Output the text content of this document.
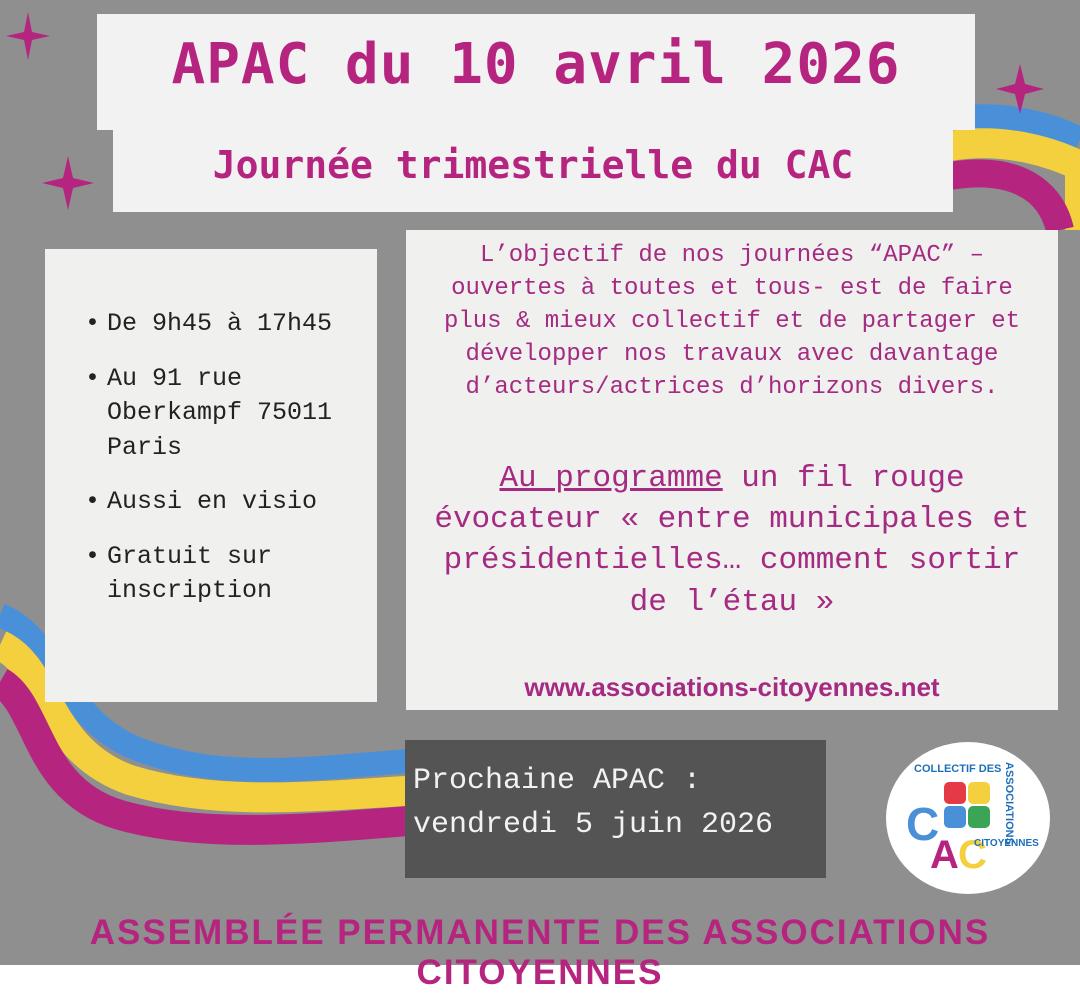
APAC du 10 avril 2026
Journée trimestrielle du CAC
• De 9h45 à 17h45
• Au 91 rue Oberkampf 75011 Paris
• Aussi en visio
• Gratuit sur inscription
L’objectif de nos journées “APAC” – ouvertes à toutes et tous- est de faire plus & mieux collectif et de partager et développer nos travaux avec davantage d’acteurs/actrices d’horizons divers.
Au programme un fil rouge évocateur « entre municipales et présidentielles… comment sortir de l’étau »
www.associations-citoyennes.net
Prochaine APAC :
vendredi 5 juin 2026
COLLECTIF DES ASSOCIATIONS
C
A C
CITOYENNES
ASSEMBLÉE PERMANENTE DES ASSOCIATIONS CITOYENNES
